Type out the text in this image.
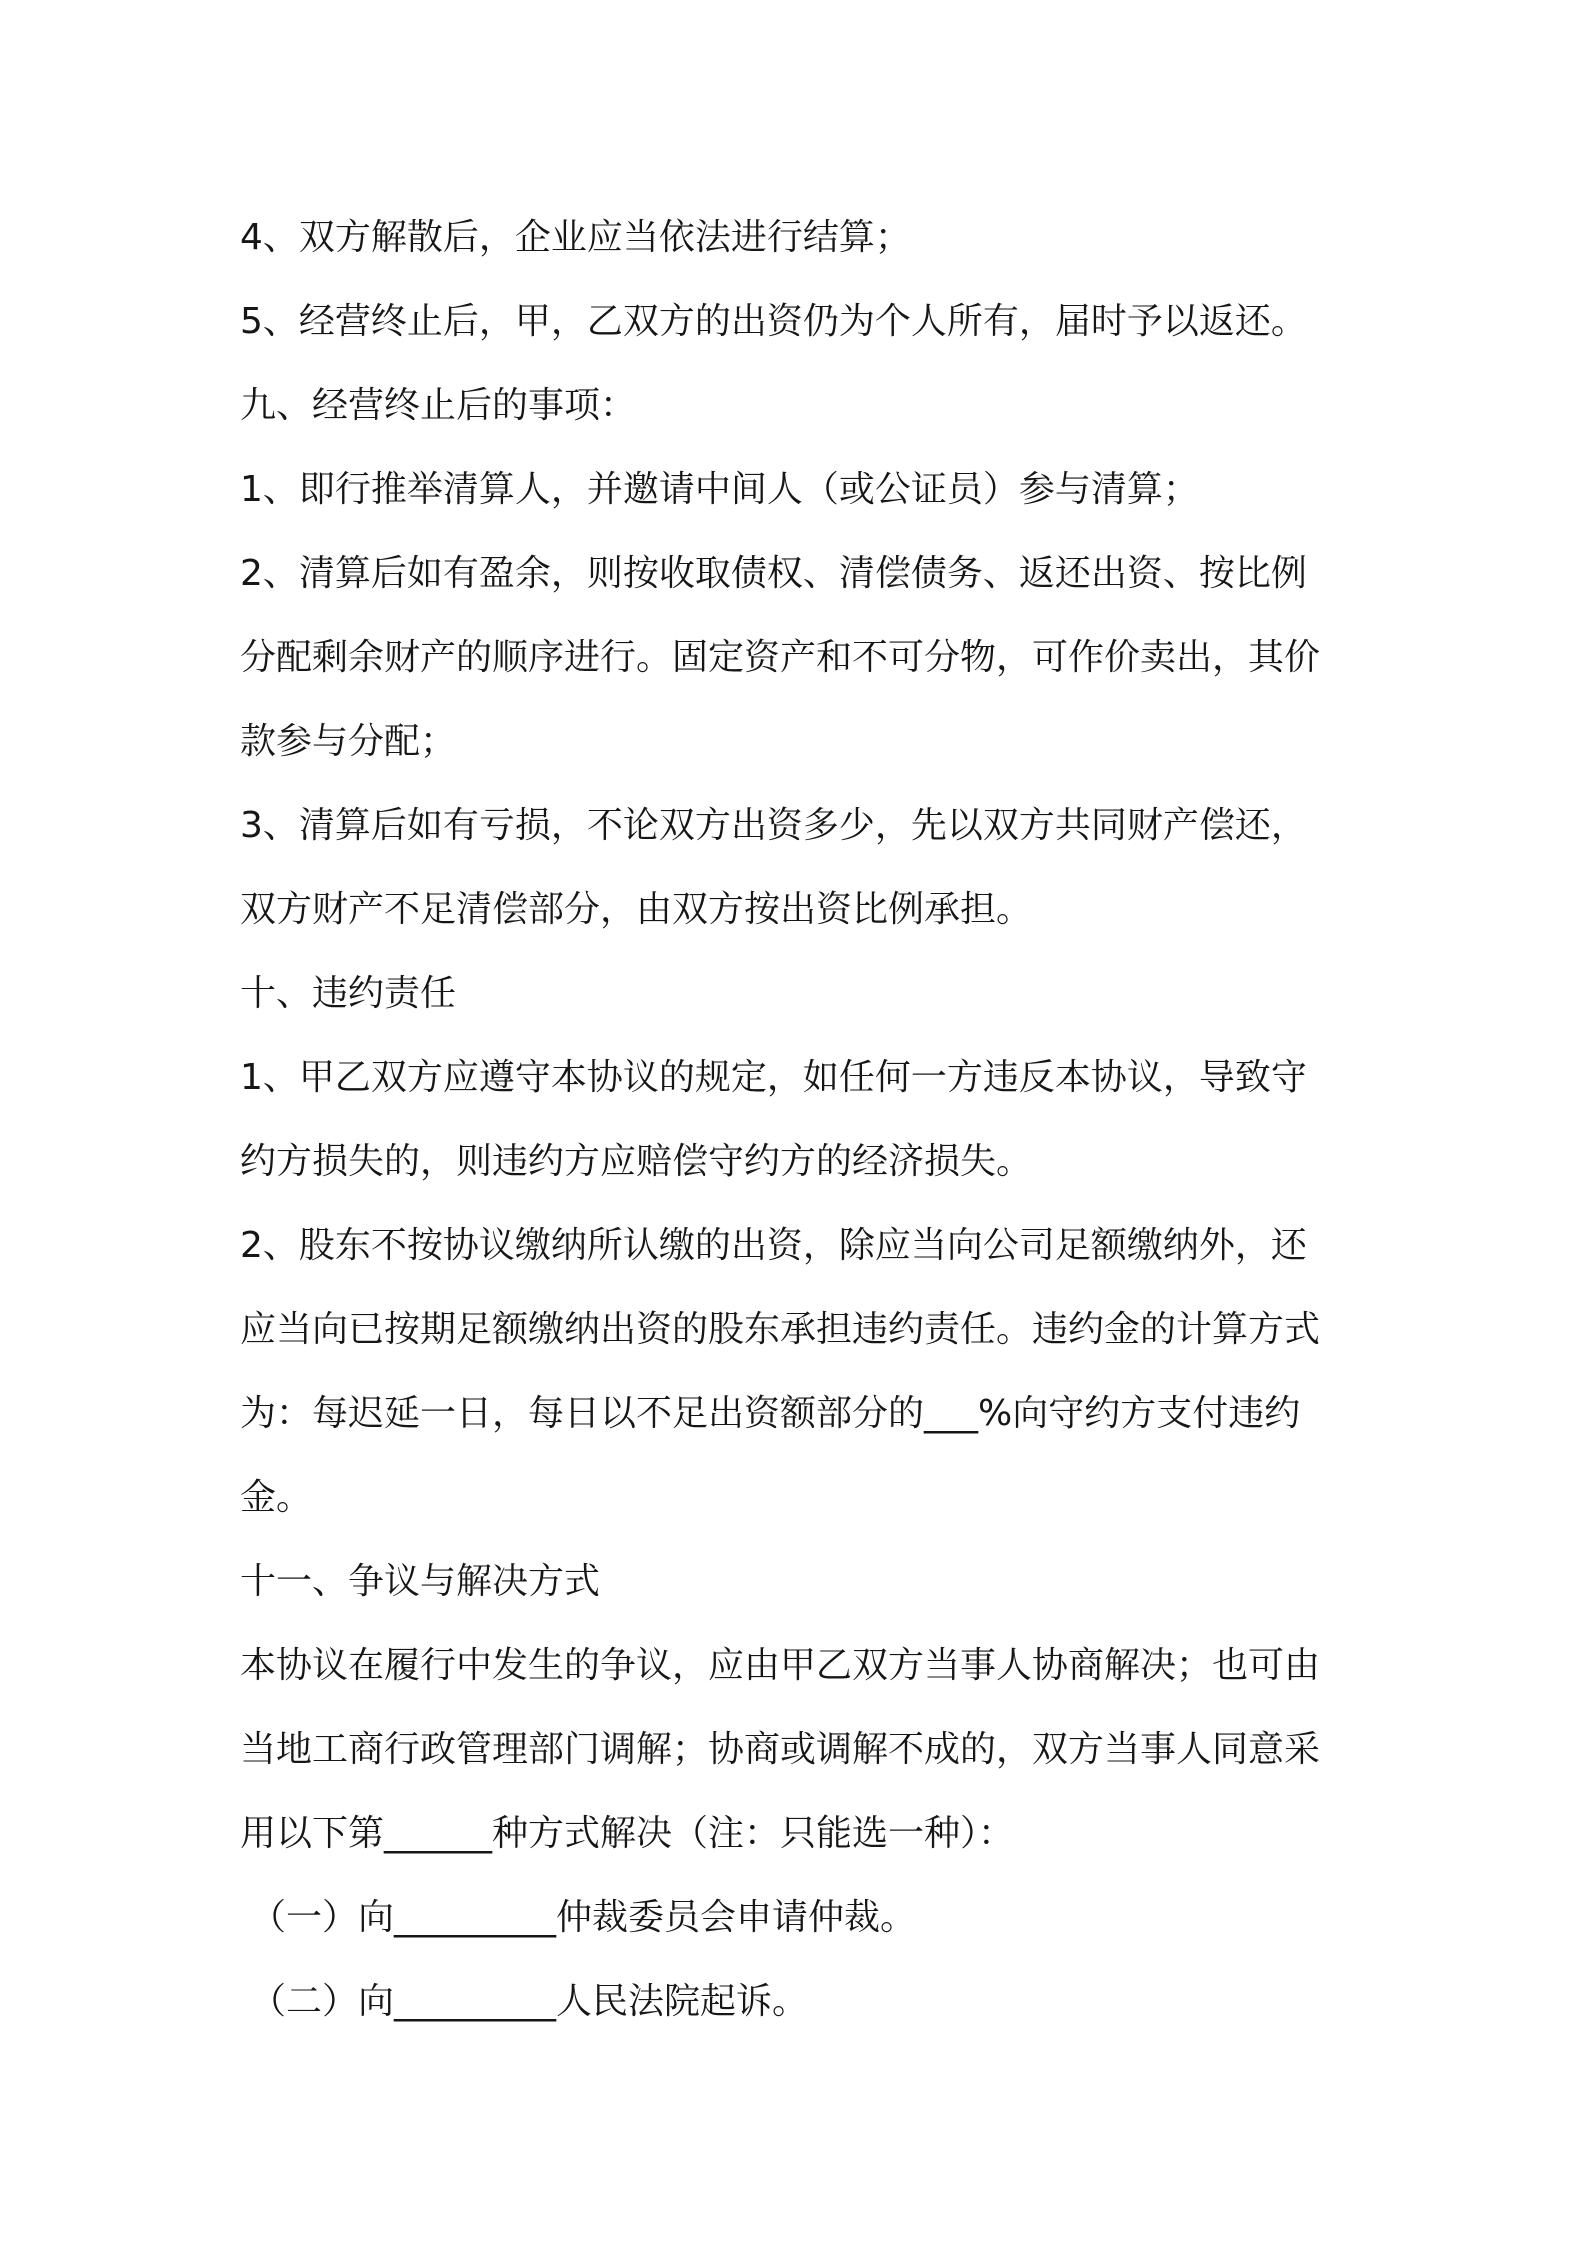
4、双方解散后，企业应当依法进行结算；

5、经营终止后，甲，乙双方的出资仍为个人所有，届时予以返还。

九、经营终止后的事项：

1、即行推举清算人，并邀请中间人（或公证员）参与清算；

2、清算后如有盈余，则按收取债权、清偿债务、返还出资、按比例

分配剩余财产的顺序进行。固定资产和不可分物，可作价卖出，其价

款参与分配；

3、清算后如有亏损，不论双方出资多少，先以双方共同财产偿还，

双方财产不足清偿部分，由双方按出资比例承担。

十、违约责任

1、甲乙双方应遵守本协议的规定，如任何一方违反本协议，导致守

约方损失的，则违约方应赔偿守约方的经济损失。

2、股东不按协议缴纳所认缴的出资，除应当向公司足额缴纳外，还

应当向已按期足额缴纳出资的股东承担违约责任。违约金的计算方式

为：每迟延一日，每日以不足出资额部分的___%向守约方支付违约

金。

十一、争议与解决方式

本协议在履行中发生的争议，应由甲乙双方当事人协商解决；也可由

当地工商行政管理部门调解；协商或调解不成的，双方当事人同意采

用以下第______种方式解决（注：只能选一种）：

（一）向_________仲裁委员会申请仲裁。

（二）向_________人民法院起诉。
